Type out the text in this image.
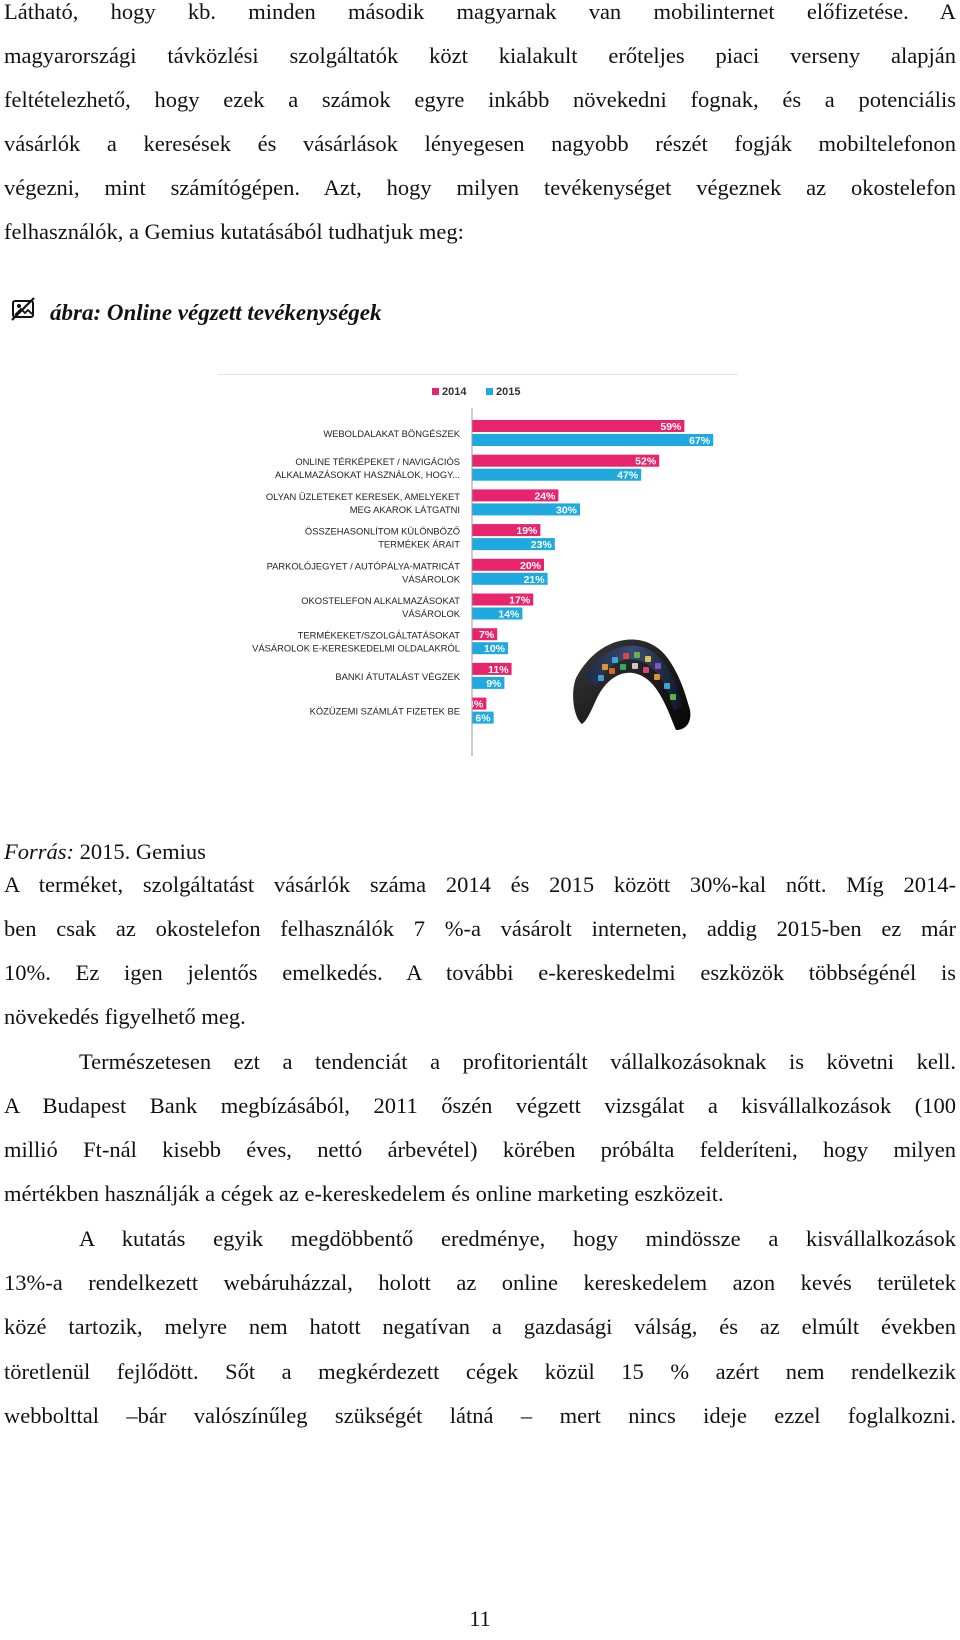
Látható, hogy kb. minden második magyarnak van mobilinternet előfizetése. A
magyarországi távközlési szolgáltatók közt kialakult erőteljes piaci verseny alapján
feltételezhető, hogy ezek a számok egyre inkább növekedni fognak, és a potenciális
vásárlók a keresések és vásárlások lényegesen nagyobb részét fogják mobiltelefonon
végezni, mint számítógépen. Azt, hogy milyen tevékenységet végeznek az okostelefon
felhasználók, a Gemius kutatásából tudhatjuk meg:
ábra: Online végzett tevékenységek
2014	2015
WEBOLDALAKAT BÖNGÉSZEK
ONLINE TÉRKÉPEKET / NAVIGÁCIÓS
ALKALMAZÁSOKAT HASZNÁLOK, HOGY...
OLYAN ÜZLETEKET KERESEK, AMELYEKET
MEG AKAROK LÁTGATNI
ÖSSZEHASONLÍTOM KÜLÖNBÖZŐ
TERMÉKEK ÁRAIT
PARKOLÓJEGYET / AUTÓPÁLYA-MATRICÁT
VÁSÁROLOK
OKOSTELEFON ALKALMAZÁSOKAT
VÁSÁROLOK
TERMÉKEKET/SZOLGÁLTATÁSOKAT
VÁSÁROLOK E-KERESKEDELMI OLDALAKRÓL
BANKI ÁTUTALÁST VÉGZEK
KÖZÜZEMI SZÁMLÁT FIZETEK BE
59%
52%
24%
19%
20%
17%
7%
11%
4%
67%
47%
30%
23%
21%
14%
10%
9%
6%
Forrás: 2015. Gemius
A terméket, szolgáltatást vásárlók száma 2014 és 2015 között 30%-kal nőtt. Míg 2014-
ben csak az okostelefon felhasználók 7 %-a vásárolt interneten, addig 2015-ben ez már
10%. Ez igen jelentős emelkedés. A további e-kereskedelmi eszközök többségénél is
növekedés figyelhető meg.
Természetesen ezt a tendenciát a profitorientált vállalkozásoknak is követni kell.
A Budapest Bank megbízásából, 2011 őszén végzett vizsgálat a kisvállalkozások (100
millió Ft-nál kisebb éves, nettó árbevétel) körében próbálta felderíteni, hogy milyen
mértékben használják a cégek az e-kereskedelem és online marketing eszközeit.
A kutatás egyik megdöbbentő eredménye, hogy mindössze a kisvállalkozások
13%-a rendelkezett webáruházzal, holott az online kereskedelem azon kevés területek
közé tartozik, melyre nem hatott negatívan a gazdasági válság, és az elmúlt években
töretlenül fejlődött. Sőt a megkérdezett cégek közül 15 % azért nem rendelkezik
webbolttal –bár valószínűleg szükségét látná – mert nincs ideje ezzel foglalkozni.
11
